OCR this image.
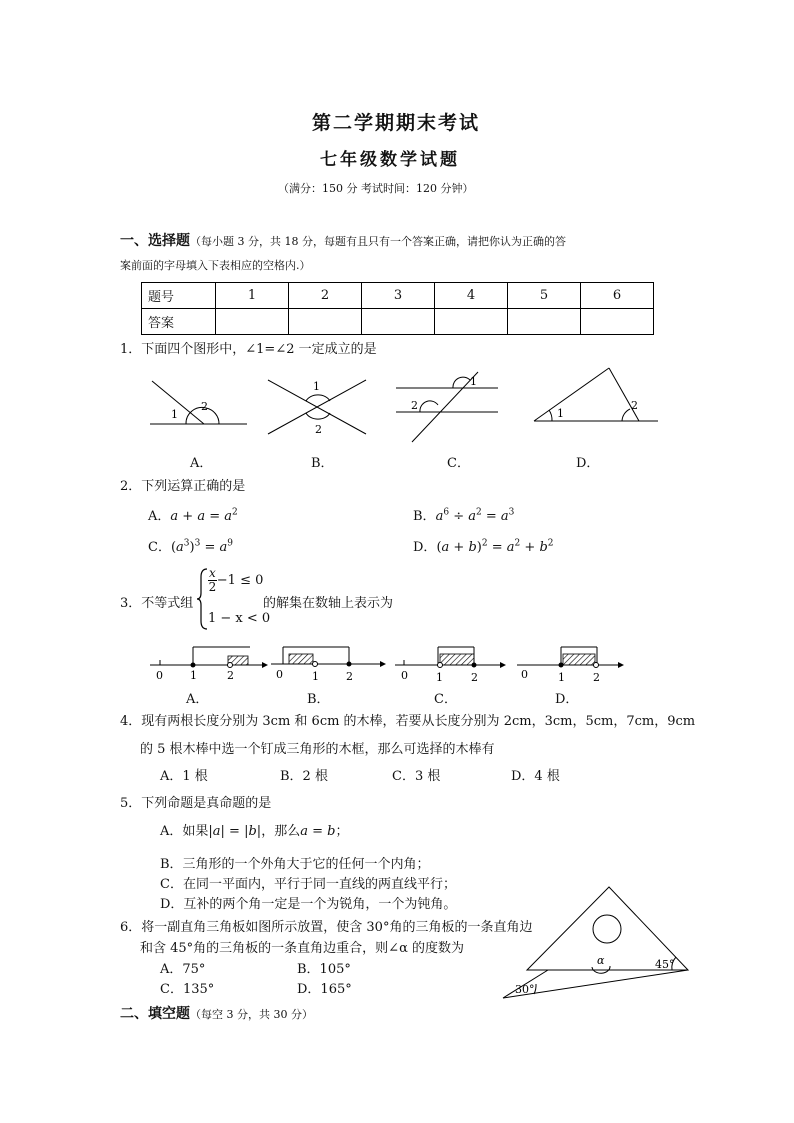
第二学期期末考试
七年级数学试题
（满分：150 分 考试时间：120 分钟）
一、选择题（每小题 3 分，共 18 分，每题有且只有一个答案正确，请把你认为正确的答
案前面的字母填入下表相应的空格内.）
题号	1	2	3	4	5	6
答案						
1．下面四个图形中，∠1=∠2 一定成立的是
1
2
1
2
1
2
1
2
A．	B．	C．	D．
2．下列运算正确的是
A．$a + a = a^2$	B．$a^6 \div a^2 = a^3$
C．$(a^3)^3 = a^9$	D．$(a + b)^2 = a^2 + b^2$
3．不等式组
$\frac{x}{2} -1 \le 0$
1 − x < 0
的解集在数轴上表示为
0 1	2	0	1 2	0	1	2	0	1	2
A．	B．	C．	D．
4．现有两根长度分别为 3cm 和 6cm 的木棒，若要从长度分别为 2cm，3cm，5cm，7cm，9cm
的 5 根木棒中选一个钉成三角形的木框，那么可选择的木棒有
A．1 根	B．2 根	C．3 根	D．4 根
5．下列命题是真命题的是
A．如果|a| = |b|，那么a = b；
B．三角形的一个外角大于它的任何一个内角；
C．在同一平面内，平行于同一直线的两直线平行；
D．互补的两个角一定是一个为锐角，一个为钝角。
6．将一副直角三角板如图所示放置，使含 30°角的三角板的一条直角边
和含 45°角的三角板的一条直角边重合，则∠α 的度数为
A．75°	B．105°
C．135°	D．165°
α	45°
30°
二、填空题（每空 3 分，共 30 分）
